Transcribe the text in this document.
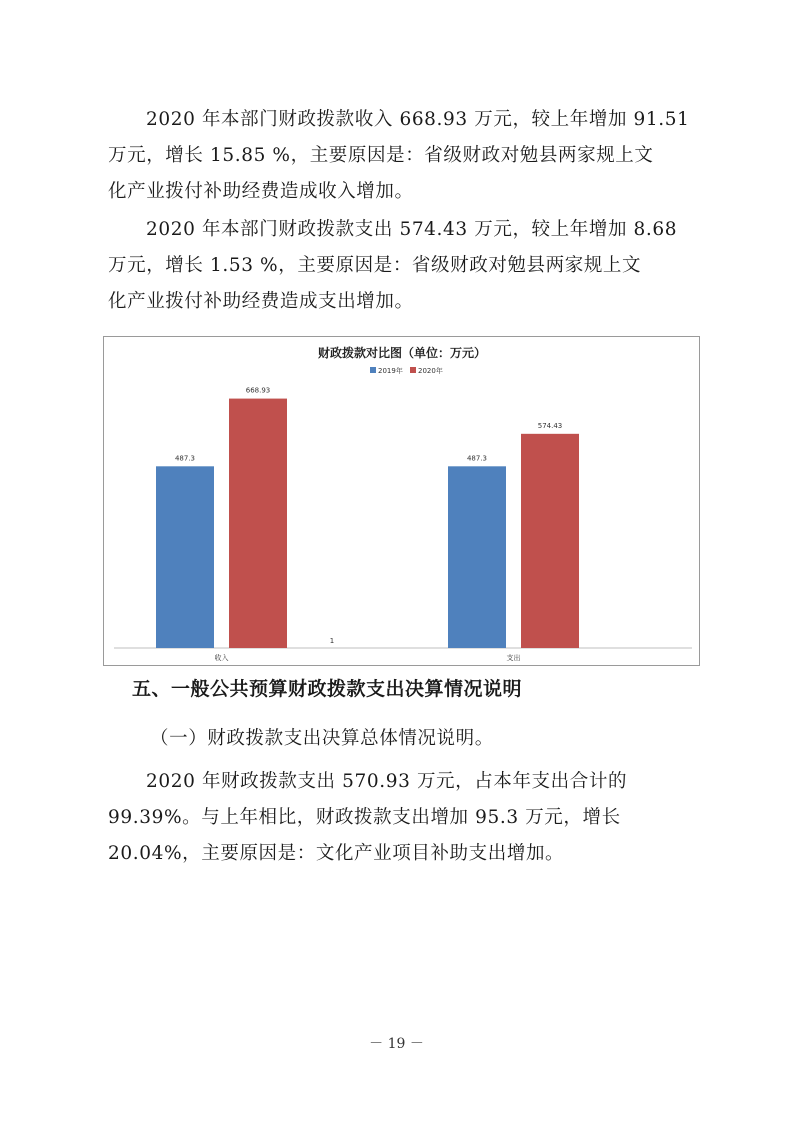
2020 年本部门财政拨款收入 668.93 万元，较上年增加 91.51
万元，增长 15.85 %，主要原因是：省级财政对勉县两家规上文
化产业拨付补助经费造成收入增加。
2020 年本部门财政拨款支出 574.43 万元，较上年增加 8.68
万元，增长 1.53 %，主要原因是：省级财政对勉县两家规上文
化产业拨付补助经费造成支出增加。
财政拨款对比图（单位：万元）
2019年 2020年
487.3
668.93
收入
1
487.3
574.43
支出
五、一般公共预算财政拨款支出决算情况说明
（一）财政拨款支出决算总体情况说明。
2020 年财政拨款支出 570.93 万元，占本年支出合计的
99.39%。与上年相比，财政拨款支出增加 95.3 万元，增长
20.04%，主要原因是：文化产业项目补助支出增加。
－ 19 －
